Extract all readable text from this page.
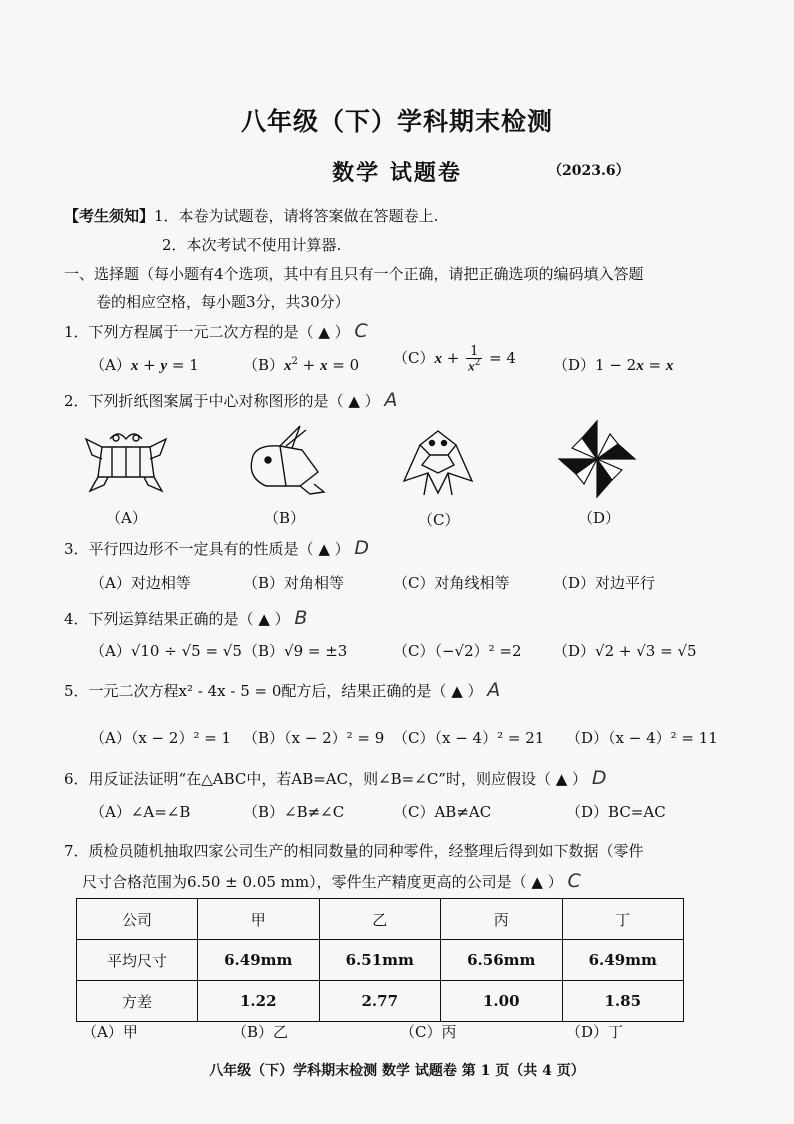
八年级（下）学科期末检测
数学 试题卷	（2023.6）
【考生须知】1．本卷为试题卷，请将答案做在答题卷上.
2．本次考试不使用计算器.
一、选择题（每小题有4个选项，其中有且只有一个正确，请把正确选项的编码填入答题
卷的相应空格，每小题3分，共30分）
1．下列方程属于一元二次方程的是（ ▲ ） C
（A）x + y = 1	$(B)x^2 + x = 0$ $(C)x + \frac{1}{x^2} = 4$ （D）1 − 2x = x
2．下列折纸图案属于中心对称图形的是（ ▲ ） A
（A）	（B）	（C）	（D）
3．平行四边形不一定具有的性质是（ ▲ ） D
（A）对边相等	（B）对角相等	（C）对角线相等	（D）对边平行
4．下列运算结果正确的是（ ▲ ） B
（A）√10 ÷ √5 = √5 （B）√9 = ±3	（C）（−√2）² =2 （D）√2 + √3 = √5
5．一元二次方程x² - 4x - 5 = 0配方后，结果正确的是（ ▲ ） A
（A）（x − 2）² = 1 （B）（x − 2）² = 9 （C）（x − 4）² = 21 （D）（x − 4）² = 11
6．用反证法证明“在△ABC中，若AB=AC，则∠B=∠C”时，则应假设（ ▲ ） D
（A）∠A=∠B	（B）∠B≠∠C	（C）AB≠AC	（D）BC=AC
7．质检员随机抽取四家公司生产的相同数量的同种零件，经整理后得到如下数据（零件
尺寸合格范围为6.50 ± 0.05 mm），零件生产精度更高的公司是（ ▲ ） C
公司	甲	乙	丙	丁
平均尺寸	6.49mm	6.51mm	6.56mm	6.49mm
方差	1.22	2.77	1.00	1.85
（A）甲	（B）乙	（C）丙	（D）丁
八年级（下）学科期末检测 数学 试题卷 第 1 页（共 4 页）
